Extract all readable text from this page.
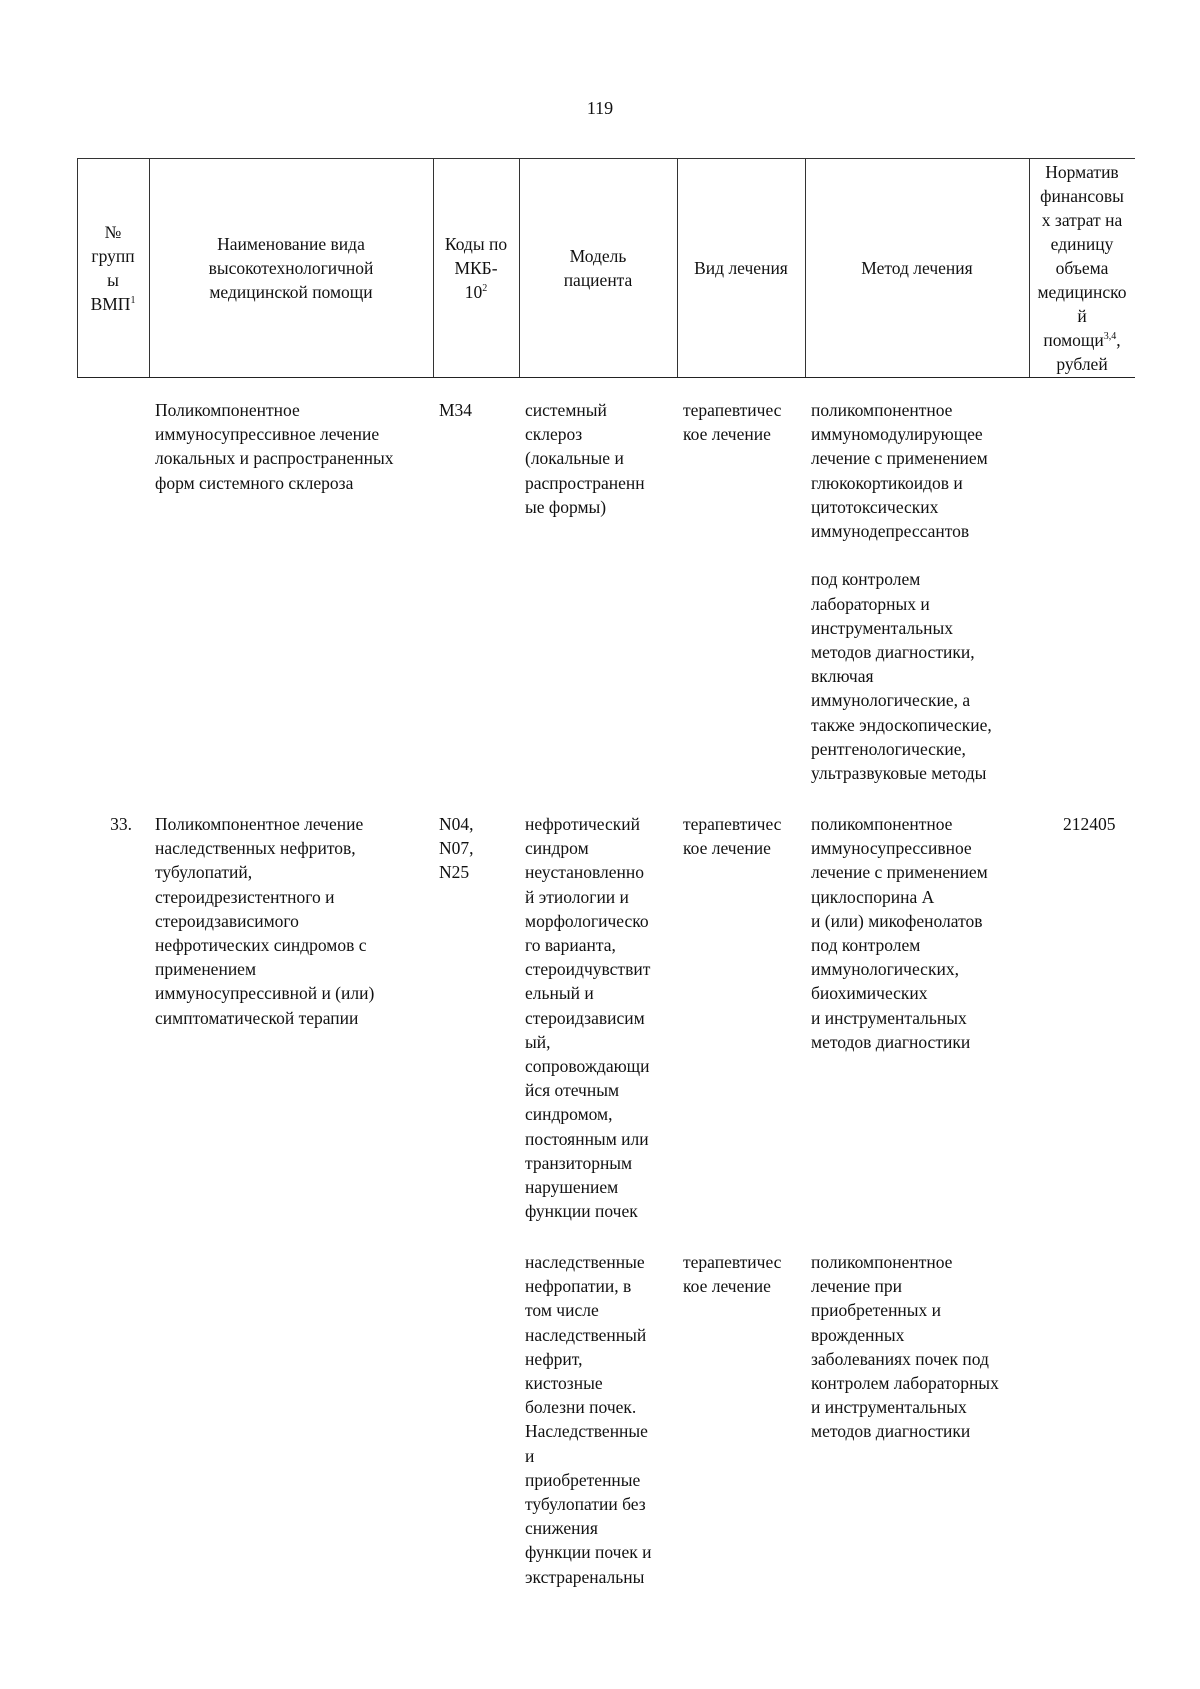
119
№
групп
ы
ВМП$^1$
Наименование вида
высокотехнологичной
медицинской помощи
Коды по
МКБ-
$10^2$
Модель
пациента
Вид лечения	Метод лечения
Норматив
финансовы
х затрат на
единицу
объема
медицинско
й
помощи$^{3,4}$,
рублей
Поликомпонентное
иммуносупрессивное лечение
локальных и распространенных
форм системного склероза
M34	системный
склероз
(локальные и
распространенн
ые формы)
терапевтичес
кое лечение
поликомпонентное
иммуномодулирующее
лечение с применением
глюкокортикоидов и
цитотоксических
иммунодепрессантов

под контролем
лабораторных и
инструментальных
методов диагностики,
включая
иммунологические, а
также эндоскопические,
рентгенологические,
ультразвуковые методы
33. Поликомпонентное лечение
наследственных нефритов,
тубулопатий,
стероидрезистентного и
стероидзависимого
нефротических синдромов с
применением
иммуносупрессивной и (или)
симптоматической терапии
N04,
N07,
N25
нефротический
синдром
неустановленно
й этиологии и
морфологическо
го варианта,
стероидчувствит
ельный и
стероидзависим
ый,
сопровождающи
йся отечным
синдромом,
постоянным или
транзиторным
нарушением
функции почек
терапевтичес
кое лечение
поликомпонентное
иммуносупрессивное
лечение с применением
циклоспорина А
и (или) микофенолатов
под контролем
иммунологических,
биохимических
и инструментальных
методов диагностики
212405
наследственные
нефропатии, в
том числе
наследственный
нефрит,
кистозные
болезни почек.
Наследственные
и
приобретенные
тубулопатии без
снижения
функции почек и
экстраренальны
терапевтичес
кое лечение
поликомпонентное
лечение при
приобретенных и
врожденных
заболеваниях почек под
контролем лабораторных
и инструментальных
методов диагностики
